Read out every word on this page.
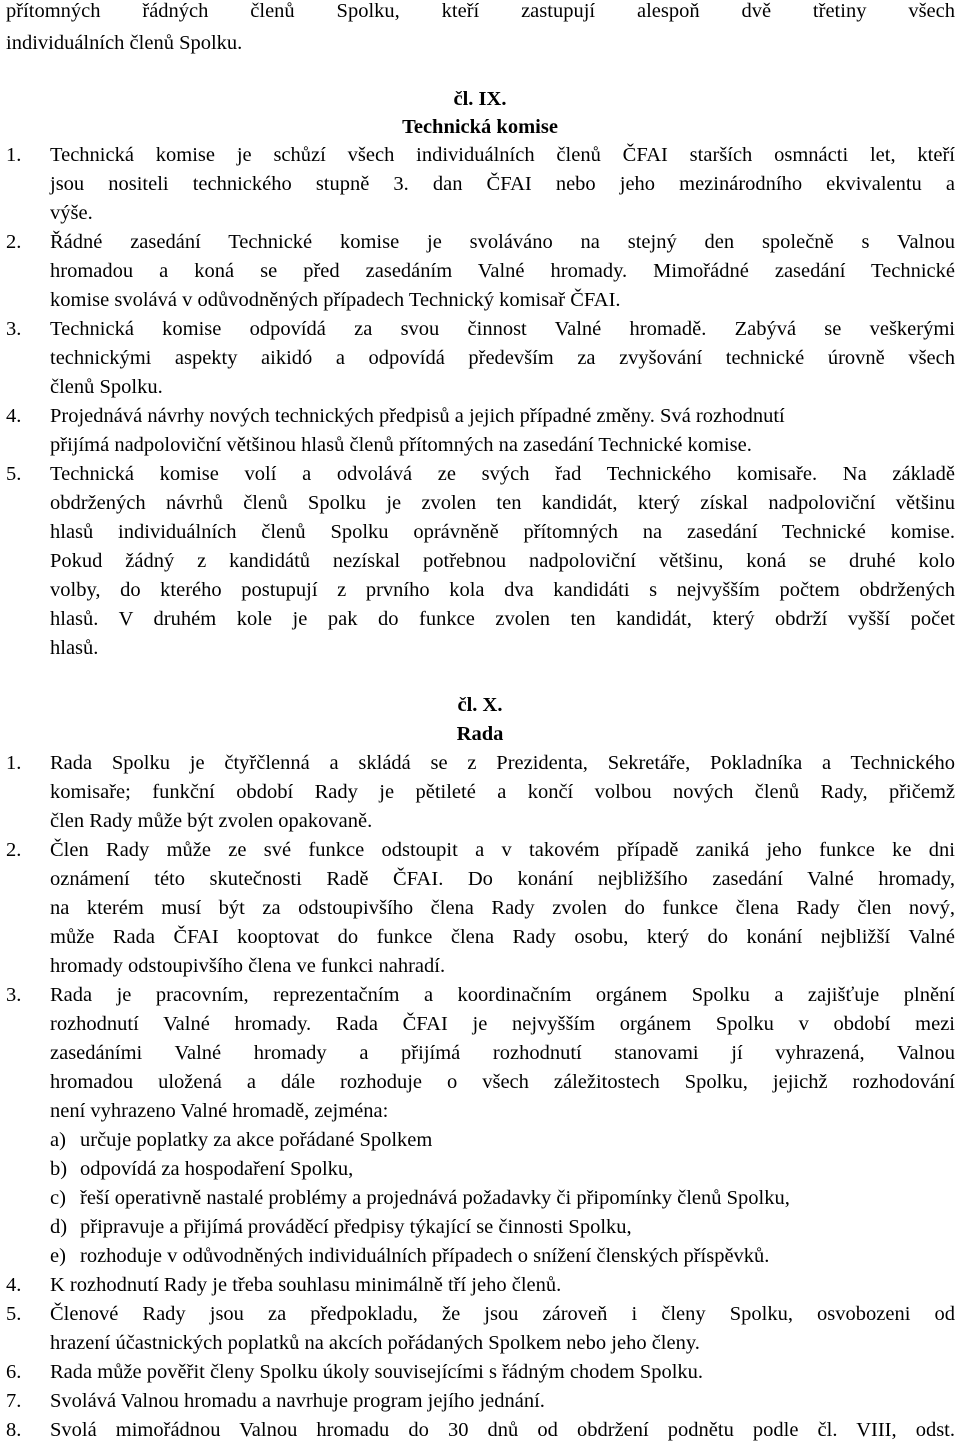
přítomných řádných členů Spolku, kteří zastupují alespoň dvě třetiny všech
individuálních členů Spolku.
čl. IX.
Technická komise
1.	Technická komise je schůzí všech individuálních členů ČFAI starších osmnácti let, kteří
jsou nositeli technického stupně 3. dan ČFAI nebo jeho mezinárodního ekvivalentu a
výše.
2.	Řádné zasedání Technické komise je svoláváno na stejný den společně s Valnou
hromadou a koná se před zasedáním Valné hromady. Mimořádné zasedání Technické
komise svolává v odůvodněných případech Technický komisař ČFAI.
3.	Technická komise odpovídá za svou činnost Valné hromadě. Zabývá se veškerými
technickými aspekty aikidó a odpovídá především za zvyšování technické úrovně všech
členů Spolku.
4.	Projednává návrhy nových technických předpisů a jejich případné změny. Svá rozhodnutí
přijímá nadpoloviční většinou hlasů členů přítomných na zasedání Technické komise.
5.	Technická komise volí a odvolává ze svých řad Technického komisaře. Na základě
obdržených návrhů členů Spolku je zvolen ten kandidát, který získal nadpoloviční většinu
hlasů individuálních členů Spolku oprávněně přítomných na zasedání Technické komise.
Pokud žádný z kandidátů nezískal potřebnou nadpoloviční většinu, koná se druhé kolo
volby, do kterého postupují z prvního kola dva kandidáti s nejvyšším počtem obdržených
hlasů. V druhém kole je pak do funkce zvolen ten kandidát, který obdrží vyšší počet
hlasů.
čl. X.
Rada
1.	Rada Spolku je čtyřčlenná a skládá se z Prezidenta, Sekretáře, Pokladníka a Technického
komisaře; funkční období Rady je pětileté a končí volbou nových členů Rady, přičemž
člen Rady může být zvolen opakovaně.
2.	Člen Rady může ze své funkce odstoupit a v takovém případě zaniká jeho funkce ke dni
oznámení této skutečnosti Radě ČFAI. Do konání nejbližšího zasedání Valné hromady,
na kterém musí být za odstoupivšího člena Rady zvolen do funkce člena Rady člen nový,
může Rada ČFAI kooptovat do funkce člena Rady osobu, který do konání nejbližší Valné
hromady odstoupivšího člena ve funkci nahradí.
3.	Rada je pracovním, reprezentačním a koordinačním orgánem Spolku a zajišťuje plnění
rozhodnutí Valné hromady. Rada ČFAI je nejvyšším orgánem Spolku v období mezi
zasedáními Valné hromady a přijímá rozhodnutí stanovami jí vyhrazená, Valnou
hromadou uložená a dále rozhoduje o všech záležitostech Spolku, jejichž rozhodování
není vyhrazeno Valné hromadě, zejména:
a) určuje poplatky za akce pořádané Spolkem
b) odpovídá za hospodaření Spolku,
c) řeší operativně nastalé problémy a projednává požadavky či připomínky členů Spolku,
d) připravuje a přijímá prováděcí předpisy týkající se činnosti Spolku,
e) rozhoduje v odůvodněných individuálních případech o snížení členských příspěvků.
4.	K rozhodnutí Rady je třeba souhlasu minimálně tří jeho členů.
5.	Členové Rady jsou za předpokladu, že jsou zároveň i členy Spolku, osvobozeni od
hrazení účastnických poplatků na akcích pořádaných Spolkem nebo jeho členy.
6.	Rada může pověřit členy Spolku úkoly souvisejícími s řádným chodem Spolku.
7.	Svolává Valnou hromadu a navrhuje program jejího jednání.
8.	Svolá mimořádnou Valnou hromadu do 30 dnů od obdržení podnětu podle čl. VIII, odst.
